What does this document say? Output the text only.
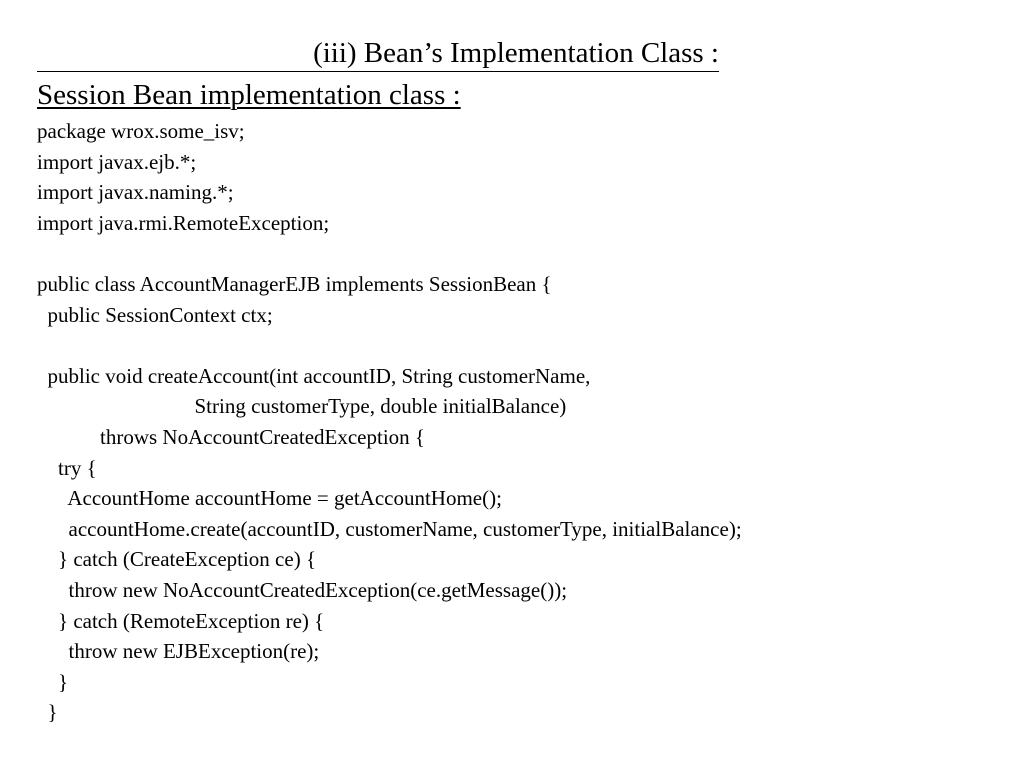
(iii) Bean’s Implementation Class :
Session Bean implementation class :
package wrox.some_isv;
import javax.ejb.*;
import javax.naming.*;
import java.rmi.RemoteException;
public class AccountManagerEJB implements SessionBean {
public SessionContext ctx;
public void createAccount(int accountID, String customerName,
String customerType, double initialBalance)
throws NoAccountCreatedException {
try {
AccountHome accountHome = getAccountHome();
accountHome.create(accountID, customerName, customerType, initialBalance);
} catch (CreateException ce) {
throw new NoAccountCreatedException(ce.getMessage());
} catch (RemoteException re) {
throw new EJBException(re);
}
}
